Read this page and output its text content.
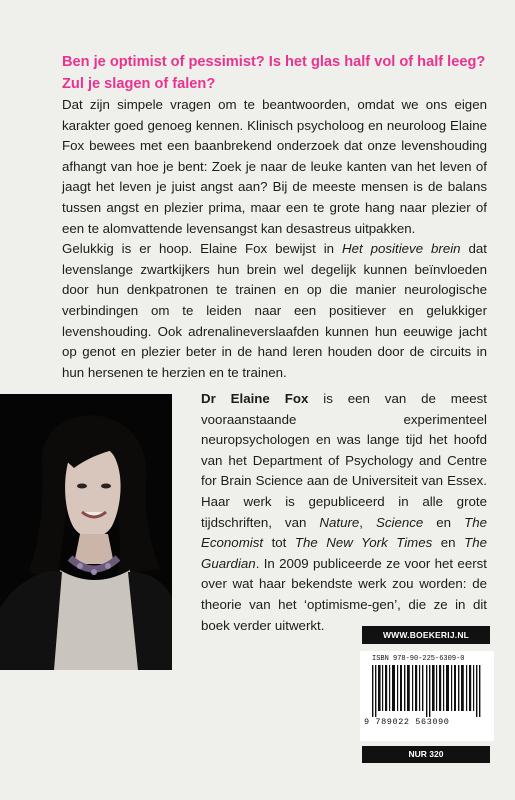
Ben je optimist of pessimist? Is het glas half vol of half leeg? Zul je slagen of falen?

Dat zijn simpele vragen om te beantwoorden, omdat we ons eigen karakter goed genoeg kennen. Klinisch psycholoog en neuroloog Elaine Fox bewees met een baanbrekend onderzoek dat onze levenshouding afhangt van hoe je bent: Zoek je naar de leuke kanten van het leven of jaagt het leven je juist angst aan? Bij de meeste mensen is de balans tussen angst en plezier prima, maar een te grote hang naar plezier of een te alomvattende levensangst kan desastreus uitpakken.

Gelukkig is er hoop. Elaine Fox bewijst in Het positieve brein dat levenslange zwartkijkers hun brein wel degelijk kunnen beïnvloeden door hun denkpatronen te trainen en op die manier neurologische verbindingen om te leiden naar een positiever en gelukkiger levenshouding. Ook adrenalineverslaafden kunnen hun eeuwige jacht op genot en plezier beter in de hand leren houden door de circuits in hun hersenen te herzien en te trainen.

Dr Elaine Fox is een van de meest vooraanstaande experimenteel neuropsychologen en was lange tijd het hoofd van het Department of Psychology and Centre for Brain Science aan de Universiteit van Essex. Haar werk is gepubliceerd in alle grote tijdschriften, van Nature, Science en The Economist tot The New York Times en The Guardian. In 2009 publiceerde ze voor het eerst over wat haar bekendste werk zou worden: de theorie van het ‘optimisme-gen’, die ze in dit boek verder uitwerkt.

WWW.BOEKERIJ.NL
ISBN 978-90-225-6309-0
9 789022 563090
NUR 320
